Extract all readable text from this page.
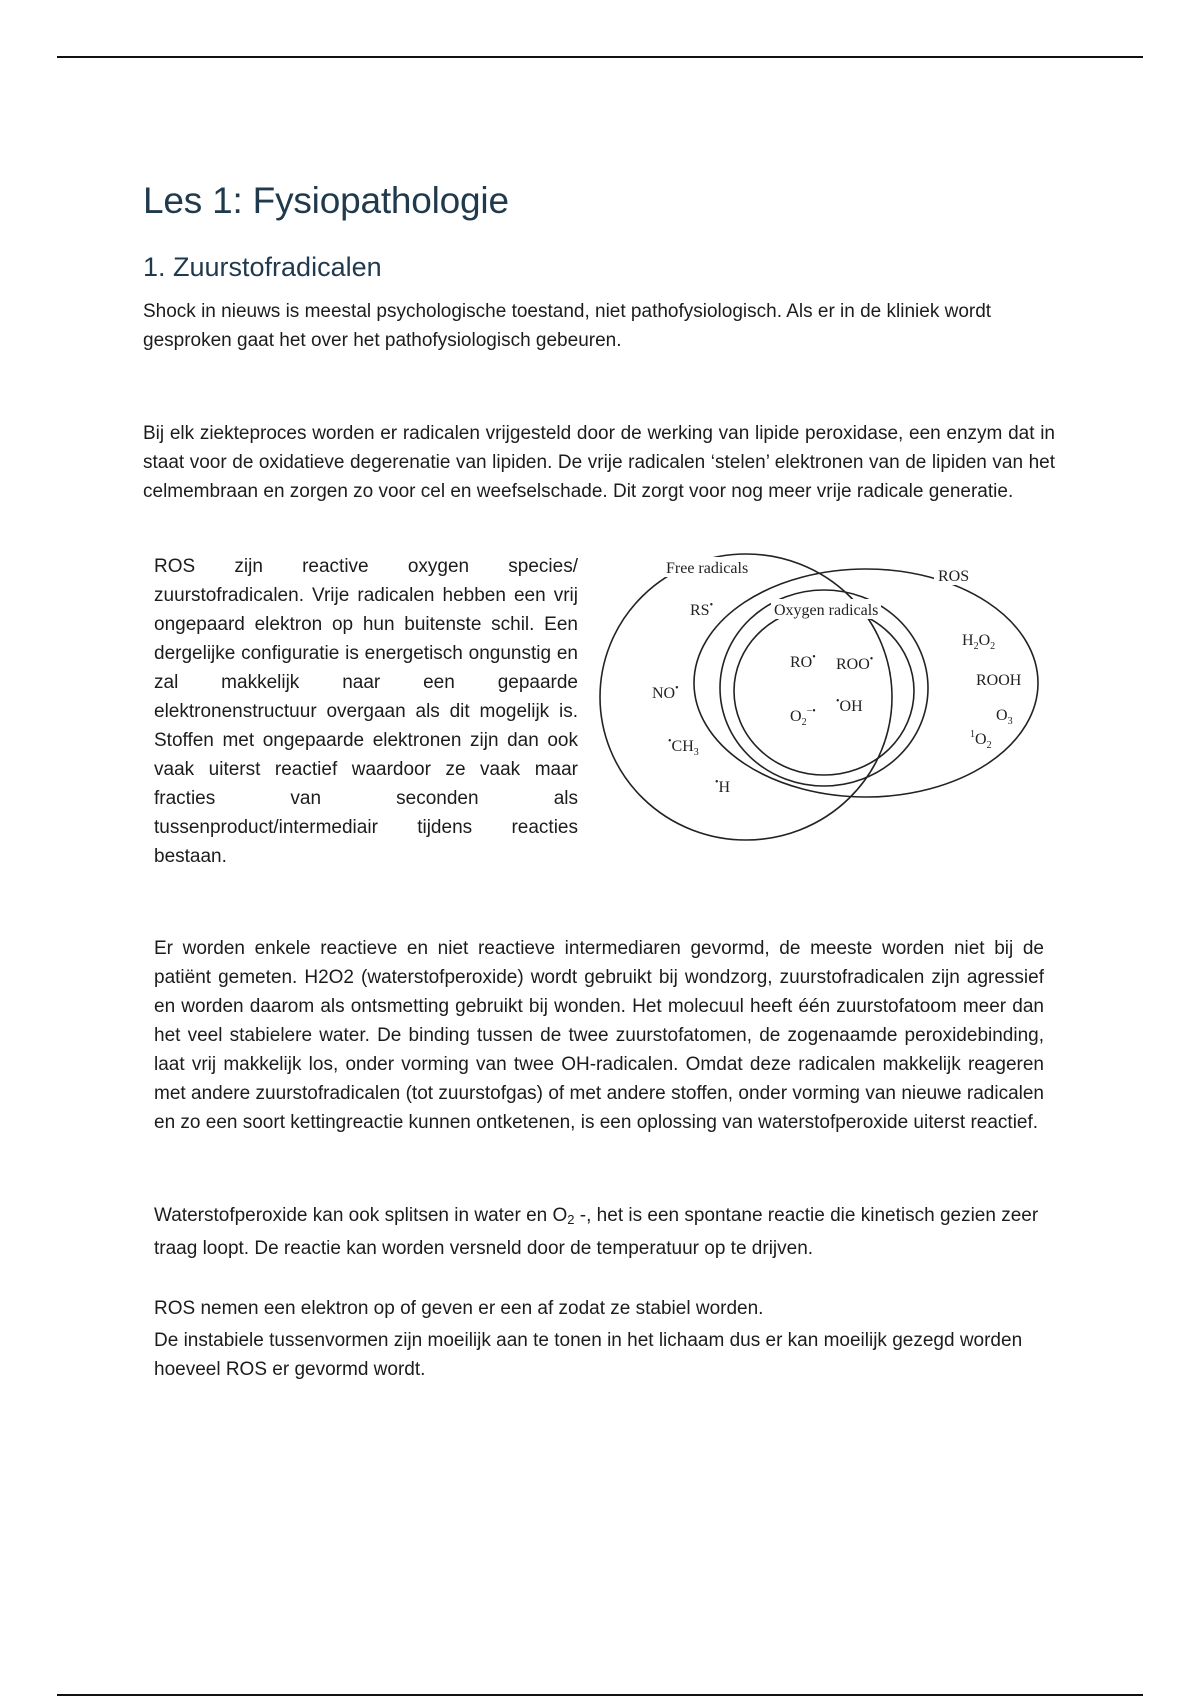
Les 1: Fysiopathologie
1. Zuurstofradicalen

Shock in nieuws is meestal psychologische toestand, niet pathofysiologisch. Als er in de kliniek wordt gesproken gaat het over het pathofysiologisch gebeuren.

Bij elk ziekteproces worden er radicalen vrijgesteld door de werking van lipide peroxidase, een enzym dat in staat voor de oxidatieve degerenatie van lipiden. De vrije radicalen ‘stelen’ elektronen van de lipiden van het celmembraan en zorgen zo voor cel en weefselschade. Dit zorgt voor nog meer vrije radicale generatie.

ROS zijn reactive oxygen species/ zuurstofradicalen. Vrije radicalen hebben een vrij ongepaard elektron op hun buitenste schil. Een dergelijke configuratie is energetisch ongunstig en zal makkelijk naar een gepaarde elektronenstructuur overgaan als dit mogelijk is. Stoffen met ongepaarde elektronen zijn dan ook vaak uiterst reactief waardoor ze vaak maar fracties van seconden als tussenproduct/intermediair tijdens reacties bestaan.

Free radicals	ROS
Oxygen radicals
RS•
NO•
$^•CH_3$
•H
RO• ROO•
•OH
$O_2^{-•}$
$H_2O_2$
ROOH
$O_3$
$^1O_2$

Er worden enkele reactieve en niet reactieve intermediaren gevormd, de meeste worden niet bij de patiënt gemeten. H2O2 (waterstofperoxide) wordt gebruikt bij wondzorg, zuurstofradicalen zijn agressief en worden daarom als ontsmetting gebruikt bij wonden. Het molecuul heeft één zuurstofatoom meer dan het veel stabielere water. De binding tussen de twee zuurstofatomen, de zogenaamde peroxidebinding, laat vrij makkelijk los, onder vorming van twee OH-radicalen. Omdat deze radicalen makkelijk reageren met andere zuurstofradicalen (tot zuurstofgas) of met andere stoffen, onder vorming van nieuwe radicalen en zo een soort kettingreactie kunnen ontketenen, is een oplossing van waterstofperoxide uiterst reactief.

Waterstofperoxide kan ook splitsen in water en $O_2$ -, het is een spontane reactie die kinetisch gezien zeer traag loopt. De reactie kan worden versneld door de temperatuur op te drijven.

ROS nemen een elektron op of geven er een af zodat ze stabiel worden.

De instabiele tussenvormen zijn moeilijk aan te tonen in het lichaam dus er kan moeilijk gezegd worden hoeveel ROS er gevormd wordt.
